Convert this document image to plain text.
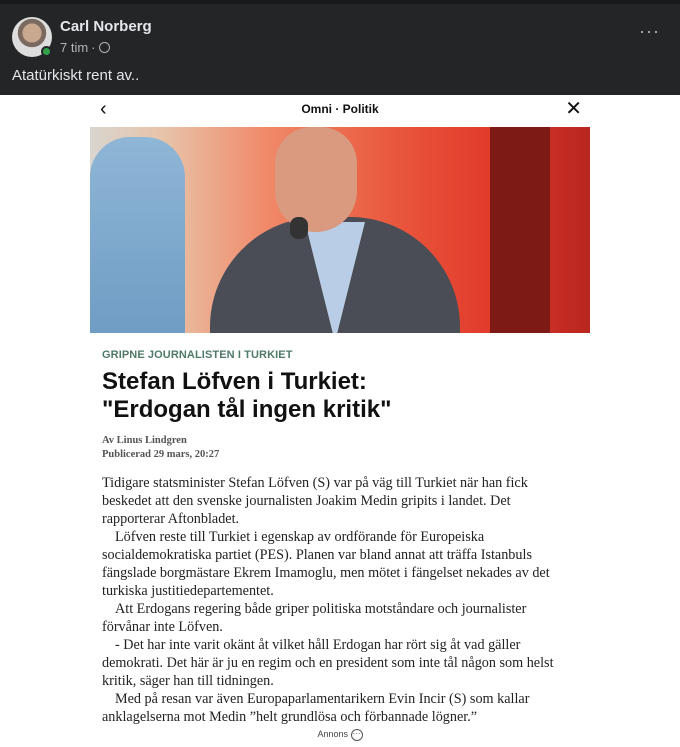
Carl Norberg
7 tim ·
···
Atatürkiskt rent av..
‹	Omni · Politik	✕
GRIPNE JOURNALISTEN I TURKIET
Stefan Löfven i Turkiet:
"Erdogan tål ingen kritik"
Av Linus Lindgren
Publicerad 29 mars, 20:27

Tidigare statsminister Stefan Löfven (S) var på väg till Turkiet när han fick

beskedet att den svenske journalisten Joakim Medin gripits i landet. Det

rapporterar Aftonbladet.

Löfven reste till Turkiet i egenskap av ordförande för Europeiska

socialdemokratiska partiet (PES). Planen var bland annat att träffa Istanbuls

fängslade borgmästare Ekrem Imamoglu, men mötet i fängelset nekades av det

turkiska justitiedepartementet.

Att Erdogans regering både griper politiska motståndare och journalister

förvånar inte Löfven.

- Det har inte varit okänt åt vilket håll Erdogan har rört sig åt vad gäller

demokrati. Det här är ju en regim och en president som inte tål någon som helst

kritik, säger han till tidningen.

Med på resan var även Europaparlamentarikern Evin Incir (S) som kallar

anklagelserna mot Medin ”helt grundlösa och förbannade lögner.”

Annons ···
